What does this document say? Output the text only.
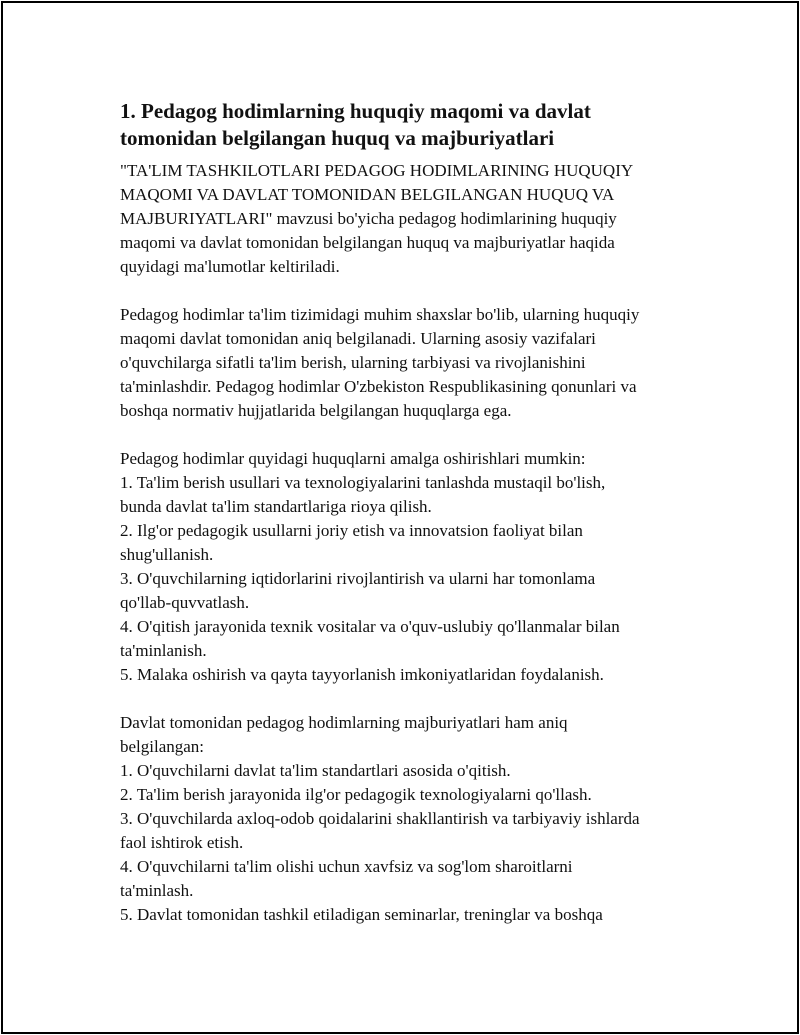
1. Pedagog hodimlarning huquqiy maqomi va davlat
tomonidan belgilangan huquq va majburiyatlari

"TA'LIM TASHKILOTLARI PEDAGOG HODIMLARINING HUQUQIY
MAQOMI VA DAVLAT TOMONIDAN BELGILANGAN HUQUQ VA
MAJBURIYATLARI" mavzusi bo'yicha pedagog hodimlarining huquqiy
maqomi va davlat tomonidan belgilangan huquq va majburiyatlar haqida
quyidagi ma'lumotlar keltiriladi.

Pedagog hodimlar ta'lim tizimidagi muhim shaxslar bo'lib, ularning huquqiy
maqomi davlat tomonidan aniq belgilanadi. Ularning asosiy vazifalari
o'quvchilarga sifatli ta'lim berish, ularning tarbiyasi va rivojlanishini
ta'minlashdir. Pedagog hodimlar O'zbekiston Respublikasining qonunlari va
boshqa normativ hujjatlarida belgilangan huquqlarga ega.

Pedagog hodimlar quyidagi huquqlarni amalga oshirishlari mumkin:
1. Ta'lim berish usullari va texnologiyalarini tanlashda mustaqil bo'lish,
bunda davlat ta'lim standartlariga rioya qilish.
2. Ilg'or pedagogik usullarni joriy etish va innovatsion faoliyat bilan
shug'ullanish.
3. O'quvchilarning iqtidorlarini rivojlantirish va ularni har tomonlama
qo'llab-quvvatlash.
4. O'qitish jarayonida texnik vositalar va o'quv-uslubiy qo'llanmalar bilan
ta'minlanish.
5. Malaka oshirish va qayta tayyorlanish imkoniyatlaridan foydalanish.

Davlat tomonidan pedagog hodimlarning majburiyatlari ham aniq
belgilangan:
1. O'quvchilarni davlat ta'lim standartlari asosida o'qitish.
2. Ta'lim berish jarayonida ilg'or pedagogik texnologiyalarni qo'llash.
3. O'quvchilarda axloq-odob qoidalarini shakllantirish va tarbiyaviy ishlarda
faol ishtirok etish.
4. O'quvchilarni ta'lim olishi uchun xavfsiz va sog'lom sharoitlarni
ta'minlash.
5. Davlat tomonidan tashkil etiladigan seminarlar, treninglar va boshqa
